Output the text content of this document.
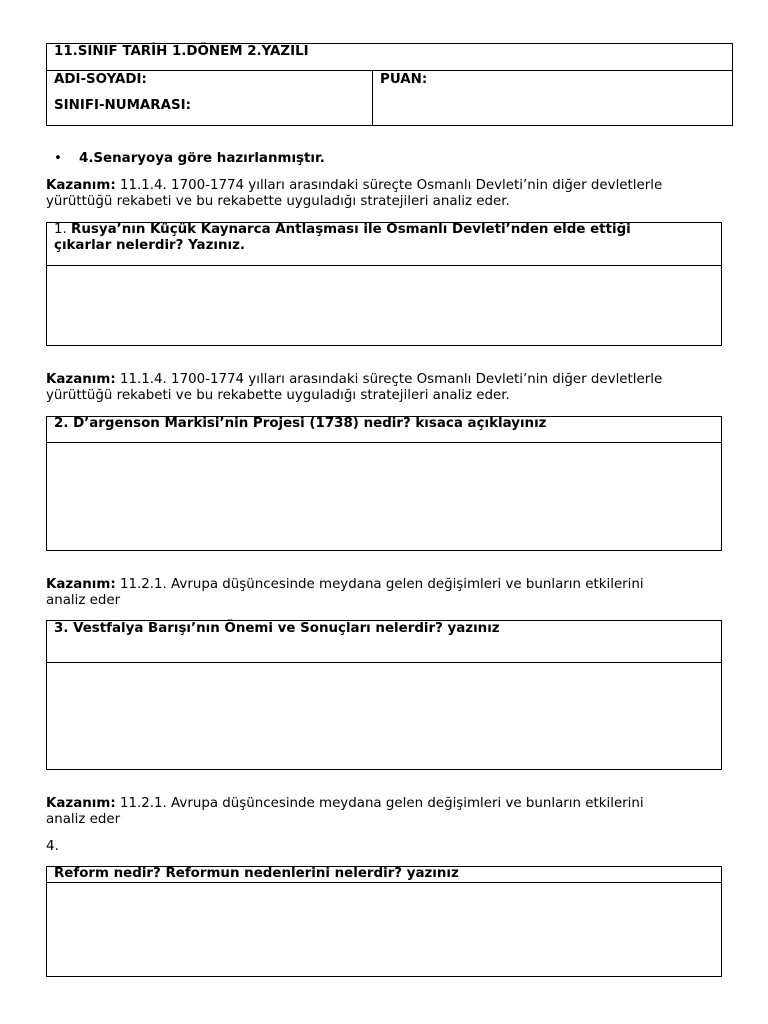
11.SINIF TARİH 1.DÖNEM 2.YAZILI
ADI-SOYADI:
SINIFI-NUMARASI:
PUAN:
• 4.Senaryoya göre hazırlanmıştır.
Kazanım: 11.1.4. 1700-1774 yılları arasındaki süreçte Osmanlı Devleti’nin diğer devletlerle
yürüttüğü rekabeti ve bu rekabette uyguladığı stratejileri analiz eder.
1. Rusya’nın Küçük Kaynarca Antlaşması ile Osmanlı Devleti’nden elde ettiği
çıkarlar nelerdir? Yazınız.
Kazanım: 11.1.4. 1700-1774 yılları arasındaki süreçte Osmanlı Devleti’nin diğer devletlerle
yürüttüğü rekabeti ve bu rekabette uyguladığı stratejileri analiz eder.
2. D’argenson Markisi’nin Projesi (1738) nedir? kısaca açıklayınız
Kazanım: 11.2.1. Avrupa düşüncesinde meydana gelen değişimleri ve bunların etkilerini
analiz eder
3. Vestfalya Barışı’nın Önemi ve Sonuçları nelerdir? yazınız
Kazanım: 11.2.1. Avrupa düşüncesinde meydana gelen değişimleri ve bunların etkilerini
analiz eder
4.
Reform nedir? Reformun nedenlerini nelerdir? yazınız
